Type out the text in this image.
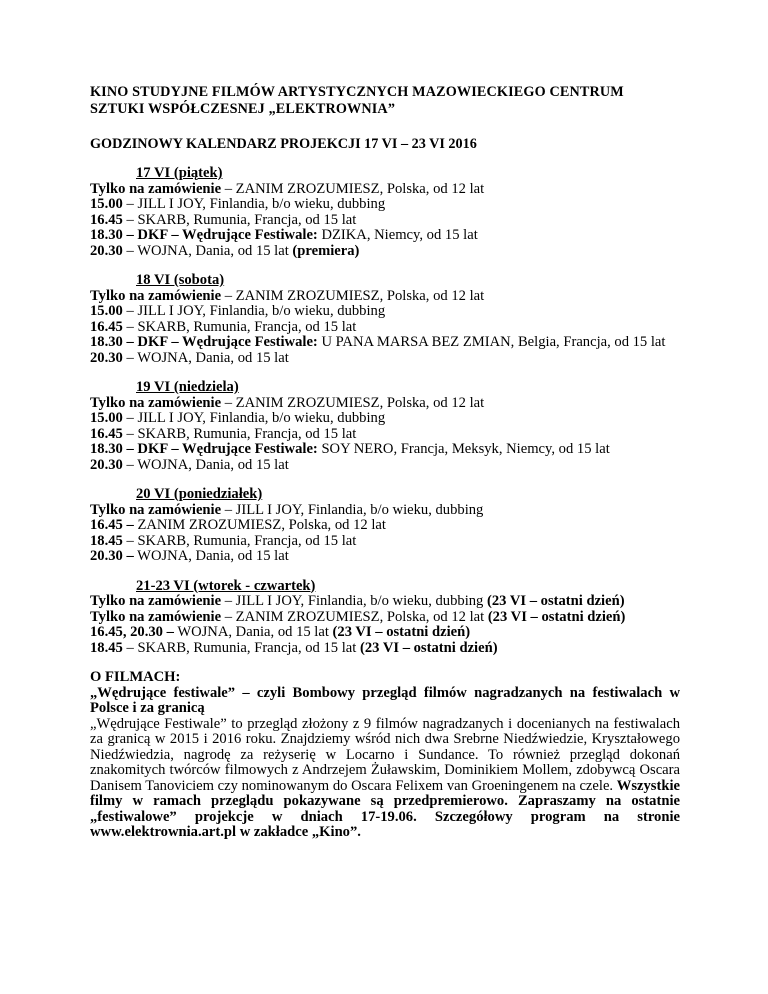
KINO STUDYJNE FILMÓW ARTYSTYCZNYCH MAZOWIECKIEGO CENTRUM
SZTUKI WSPÓŁCZESNEJ „ELEKTROWNIA”

GODZINOWY KALENDARZ PROJEKCJI 17 VI – 23 VI 2016

17 VI (piątek)
Tylko na zamówienie – ZANIM ZROZUMIESZ, Polska, od 12 lat
15.00 – JILL I JOY, Finlandia, b/o wieku, dubbing
16.45 – SKARB, Rumunia, Francja, od 15 lat
18.30 – DKF – Wędrujące Festiwale: DZIKA, Niemcy, od 15 lat
20.30 – WOJNA, Dania, od 15 lat (premiera)
18 VI (sobota)
Tylko na zamówienie – ZANIM ZROZUMIESZ, Polska, od 12 lat
15.00 – JILL I JOY, Finlandia, b/o wieku, dubbing
16.45 – SKARB, Rumunia, Francja, od 15 lat
18.30 – DKF – Wędrujące Festiwale: U PANA MARSA BEZ ZMIAN, Belgia, Francja, od 15 lat
20.30 – WOJNA, Dania, od 15 lat
19 VI (niedziela)
Tylko na zamówienie – ZANIM ZROZUMIESZ, Polska, od 12 lat
15.00 – JILL I JOY, Finlandia, b/o wieku, dubbing
16.45 – SKARB, Rumunia, Francja, od 15 lat
18.30 – DKF – Wędrujące Festiwale: SOY NERO, Francja, Meksyk, Niemcy, od 15 lat
20.30 – WOJNA, Dania, od 15 lat
20 VI (poniedziałek)
Tylko na zamówienie – JILL I JOY, Finlandia, b/o wieku, dubbing
16.45 – ZANIM ZROZUMIESZ, Polska, od 12 lat
18.45 – SKARB, Rumunia, Francja, od 15 lat
20.30 – WOJNA, Dania, od 15 lat
21-23 VI (wtorek - czwartek)
Tylko na zamówienie – JILL I JOY, Finlandia, b/o wieku, dubbing (23 VI – ostatni dzień)
Tylko na zamówienie – ZANIM ZROZUMIESZ, Polska, od 12 lat (23 VI – ostatni dzień)
16.45, 20.30 – WOJNA, Dania, od 15 lat (23 VI – ostatni dzień)
18.45 – SKARB, Rumunia, Francja, od 15 lat (23 VI – ostatni dzień)
O FILMACH:
„Wędrujące festiwale” – czyli Bombowy przegląd filmów nagradzanych na festiwalach w Polsce i za granicą
„Wędrujące Festiwale” to przegląd złożony z 9 filmów nagradzanych i docenianych na festiwalach za granicą w 2015 i 2016 roku. Znajdziemy wśród nich dwa Srebrne Niedźwiedzie, Kryształowego Niedźwiedzia, nagrodę za reżyserię w Locarno i Sundance. To również przegląd dokonań znakomitych twórców filmowych z Andrzejem Żuławskim, Dominikiem Mollem, zdobywcą Oscara Danisem Tanoviciem czy nominowanym do Oscara Felixem van Groeningenem na czele. Wszystkie filmy w ramach przeglądu pokazywane są przedpremierowo. Zapraszamy na ostatnie „festiwalowe” projekcje w dniach 17-19.06. Szczegółowy program na stronie www.elektrownia.art.pl w zakładce „Kino”.
